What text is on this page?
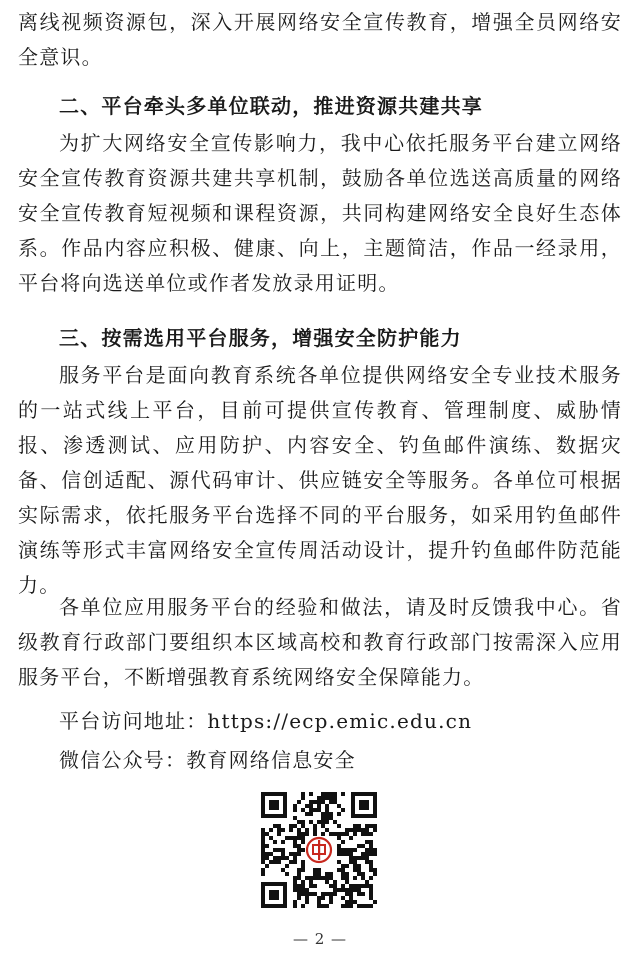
离线视频资源包，深入开展网络安全宣传教育，增强全员网络安全意识。

二、平台牵头多单位联动，推进资源共建共享

为扩大网络安全宣传影响力，我中心依托服务平台建立网络安全宣传教育资源共建共享机制，鼓励各单位选送高质量的网络安全宣传教育短视频和课程资源，共同构建网络安全良好生态体系。作品内容应积极、健康、向上，主题简洁，作品一经录用，平台将向选送单位或作者发放录用证明。

三、按需选用平台服务，增强安全防护能力

服务平台是面向教育系统各单位提供网络安全专业技术服务的一站式线上平台，目前可提供宣传教育、管理制度、威胁情报、渗透测试、应用防护、内容安全、钓鱼邮件演练、数据灾备、信创适配、源代码审计、供应链安全等服务。各单位可根据实际需求，依托服务平台选择不同的平台服务，如采用钓鱼邮件演练等形式丰富网络安全宣传周活动设计，提升钓鱼邮件防范能力。

各单位应用服务平台的经验和做法，请及时反馈我中心。省级教育行政部门要组织本区域高校和教育行政部门按需深入应用服务平台，不断增强教育系统网络安全保障能力。

平台访问地址：https://ecp.emic.edu.cn
微信公众号：教育网络信息安全
— 2 —
